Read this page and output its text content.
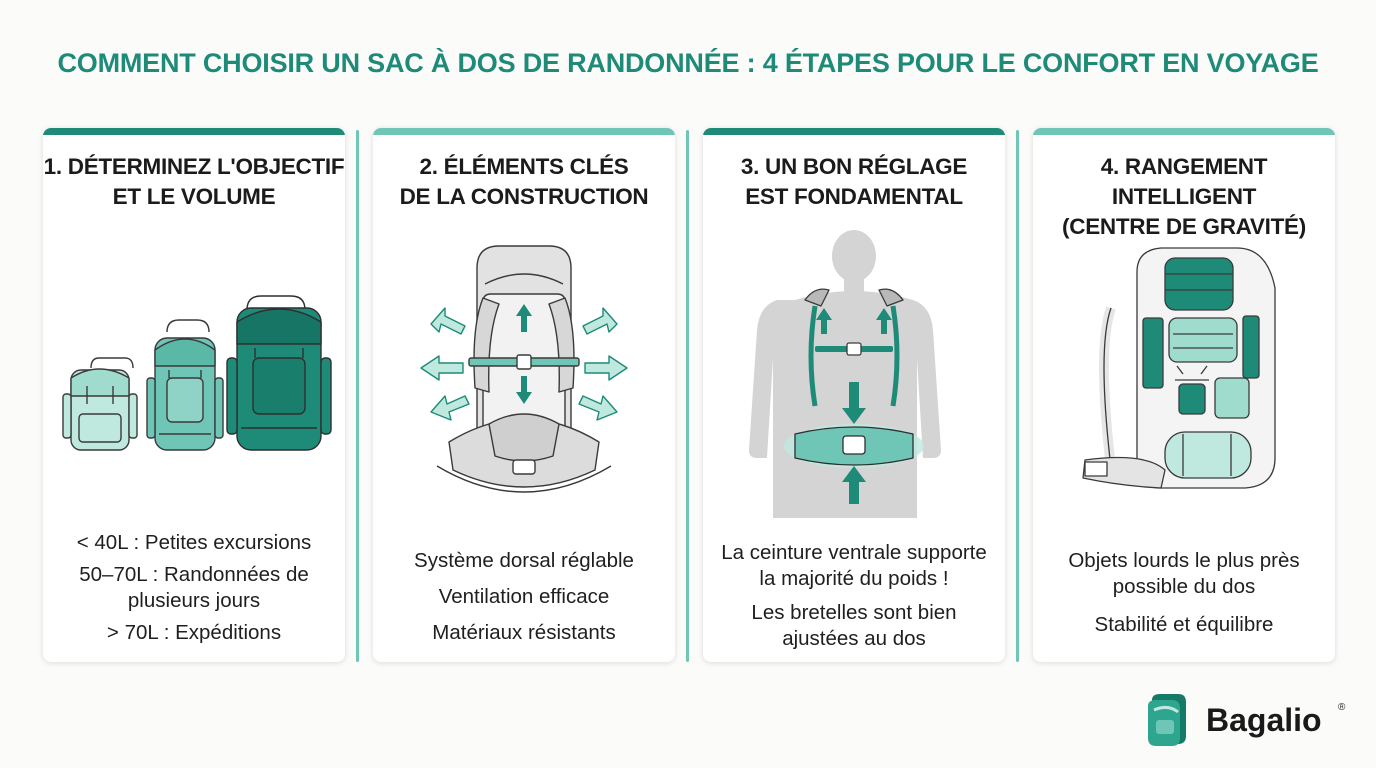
COMMENT CHOISIR UN SAC À DOS DE RANDONNÉE : 4 ÉTAPES POUR LE CONFORT EN VOYAGE
1. DÉTERMINEZ L'OBJECTIF
ET LE VOLUME

< 40L : Petites excursions

50–70L : Randonnées de

plusieurs jours

> 70L : Expéditions

2. ÉLÉMENTS CLÉS
DE LA CONSTRUCTION

Système dorsal réglable

Ventilation efficace

Matériaux résistants

3. UN BON RÉGLAGE
EST FONDAMENTAL

La ceinture ventrale supporte

la majorité du poids !

Les bretelles sont bien

ajustées au dos

4. RANGEMENT INTELLIGENT
(CENTRE DE GRAVITÉ)

Objets lourds le plus près

possible du dos

Stabilité et équilibre

Bagalio ®
